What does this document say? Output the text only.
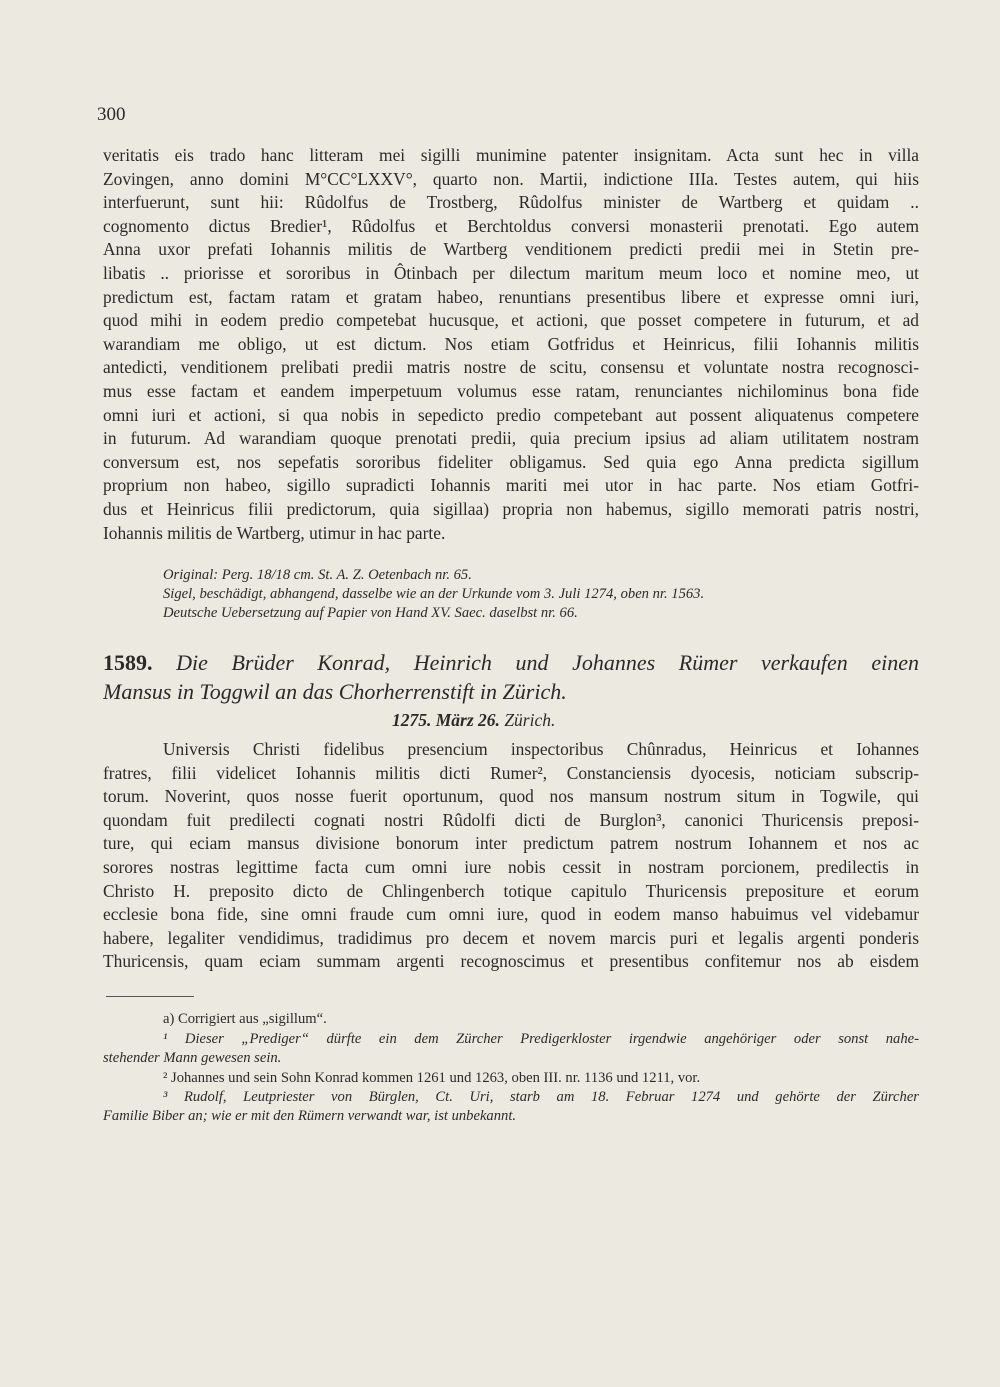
300
veritatis eis trado hanc litteram mei sigilli munimine patenter insignitam. Acta sunt hec in villa
Zovingen, anno domini M°CC°LXXV°, quarto non. Martii, indictione IIIa. Testes autem, qui hiis
interfuerunt, sunt hii: Rûdolfus de Trostberg, Rûdolfus minister de Wartberg et quidam ..
cognomento dictus Bredier¹, Rûdolfus et Berchtoldus conversi monasterii prenotati. Ego autem
Anna uxor prefati Iohannis militis de Wartberg venditionem predicti predii mei in Stetin pre-
libatis .. priorisse et sororibus in Ôtinbach per dilectum maritum meum loco et nomine meo, ut
predictum est, factam ratam et gratam habeo, renuntians presentibus libere et expresse omni iuri,
quod mihi in eodem predio competebat hucusque, et actioni, que posset competere in futurum, et ad
warandiam me obligo, ut est dictum. Nos etiam Gotfridus et Heinricus, filii Iohannis militis
antedicti, venditionem prelibati predii matris nostre de scitu, consensu et voluntate nostra recognosci-
mus esse factam et eandem imperpetuum volumus esse ratam, renunciantes nichilominus bona fide
omni iuri et actioni, si qua nobis in sepedicto predio competebant aut possent aliquatenus competere
in futurum. Ad warandiam quoque prenotati predii, quia precium ipsius ad aliam utilitatem nostram
conversum est, nos sepefatis sororibus fideliter obligamus. Sed quia ego Anna predicta sigillum
proprium non habeo, sigillo supradicti Iohannis mariti mei utor in hac parte. Nos etiam Gotfri-
dus et Heinricus filii predictorum, quia sigillaa) propria non habemus, sigillo memorati patris nostri,
Iohannis militis de Wartberg, utimur in hac parte.
Original: Perg. 18/18 cm. St. A. Z. Oetenbach nr. 65.
Sigel, beschädigt, abhangend, dasselbe wie an der Urkunde vom 3. Juli 1274, oben nr. 1563.
Deutsche Uebersetzung auf Papier von Hand XV. Saec. daselbst nr. 66.
1589. Die Brüder Konrad, Heinrich und Johannes Rümer verkaufen einen
Mansus in Toggwil an das Chorherrenstift in Zürich.
1275. März 26. Zürich.
Universis Christi fidelibus presencium inspectoribus Chûnradus, Heinricus et Iohannes
fratres, filii videlicet Iohannis militis dicti Rumer², Constanciensis dyocesis, noticiam subscrip-
torum. Noverint, quos nosse fuerit oportunum, quod nos mansum nostrum situm in Togwile, qui
quondam fuit predilecti cognati nostri Rûdolfi dicti de Burglon³, canonici Thuricensis preposi-
ture, qui eciam mansus divisione bonorum inter predictum patrem nostrum Iohannem et nos ac
sorores nostras legittime facta cum omni iure nobis cessit in nostram porcionem, predilectis in
Christo H. preposito dicto de Chlingenberch totique capitulo Thuricensis prepositure et eorum
ecclesie bona fide, sine omni fraude cum omni iure, quod in eodem manso habuimus vel videbamur
habere, legaliter vendidimus, tradidimus pro decem et novem marcis puri et legalis argenti ponderis
Thuricensis, quam eciam summam argenti recognoscimus et presentibus confitemur nos ab eisdem
a) Corrigiert aus „sigillum“.
¹ Dieser „Prediger“ dürfte ein dem Zürcher Predigerkloster irgendwie angehöriger oder sonst nahe-
stehender Mann gewesen sein.
² Johannes und sein Sohn Konrad kommen 1261 und 1263, oben III. nr. 1136 und 1211, vor.
³ Rudolf, Leutpriester von Bürglen, Ct. Uri, starb am 18. Februar 1274 und gehörte der Zürcher
Familie Biber an; wie er mit den Rümern verwandt war, ist unbekannt.
